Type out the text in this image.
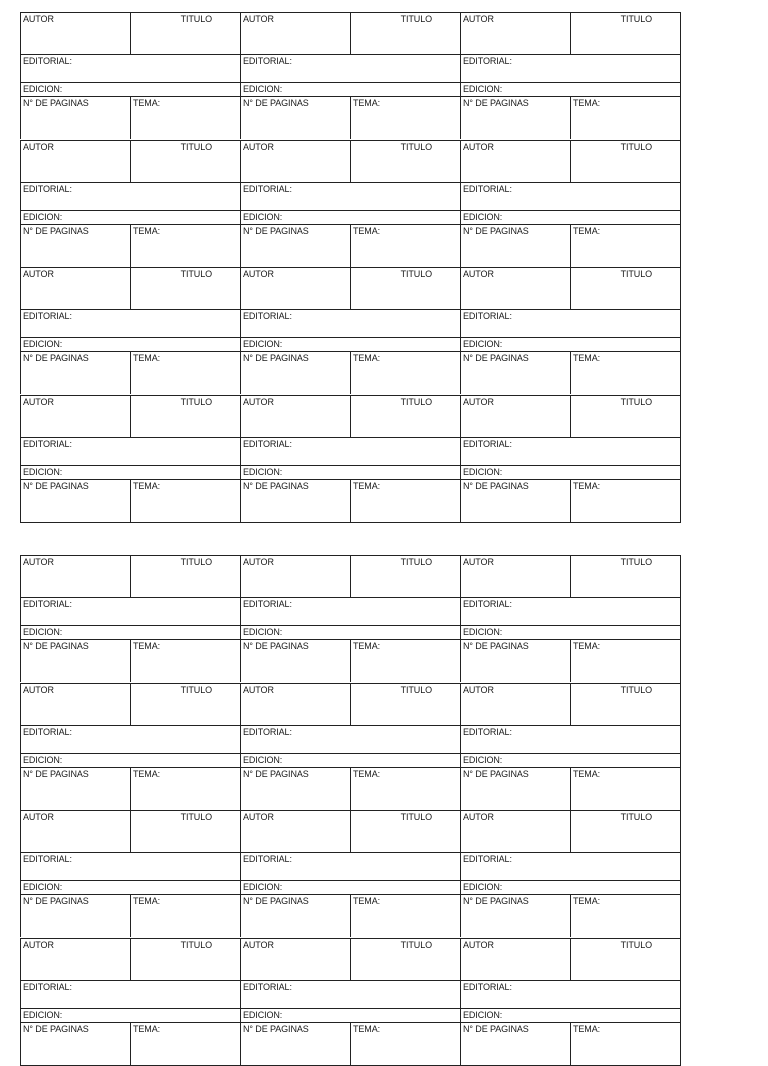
AUTOR	TITULO
EDITORIAL:
EDICION:
N° DE PAGINAS	TEMA:
AUTOR	TITULO
EDITORIAL:
EDICION:
N° DE PAGINAS	TEMA:
AUTOR	TITULO
EDITORIAL:
EDICION:
N° DE PAGINAS	TEMA:
AUTOR	TITULO
EDITORIAL:
EDICION:
N° DE PAGINAS	TEMA:
AUTOR	TITULO
EDITORIAL:
EDICION:
N° DE PAGINAS	TEMA:
AUTOR	TITULO
EDITORIAL:
EDICION:
N° DE PAGINAS	TEMA:
AUTOR	TITULO
EDITORIAL:
EDICION:
N° DE PAGINAS	TEMA:
AUTOR	TITULO
EDITORIAL:
EDICION:
N° DE PAGINAS	TEMA:
AUTOR	TITULO
EDITORIAL:
EDICION:
N° DE PAGINAS	TEMA:
AUTOR	TITULO
EDITORIAL:
EDICION:
N° DE PAGINAS	TEMA:
AUTOR	TITULO
EDITORIAL:
EDICION:
N° DE PAGINAS	TEMA:
AUTOR	TITULO
EDITORIAL:
EDICION:
N° DE PAGINAS	TEMA:
AUTOR	TITULO
EDITORIAL:
EDICION:
N° DE PAGINAS	TEMA:
AUTOR	TITULO
EDITORIAL:
EDICION:
N° DE PAGINAS	TEMA:
AUTOR	TITULO
EDITORIAL:
EDICION:
N° DE PAGINAS	TEMA:
AUTOR	TITULO
EDITORIAL:
EDICION:
N° DE PAGINAS	TEMA:
AUTOR	TITULO
EDITORIAL:
EDICION:
N° DE PAGINAS	TEMA:
AUTOR	TITULO
EDITORIAL:
EDICION:
N° DE PAGINAS	TEMA:
AUTOR	TITULO
EDITORIAL:
EDICION:
N° DE PAGINAS	TEMA:
AUTOR	TITULO
EDITORIAL:
EDICION:
N° DE PAGINAS	TEMA:
AUTOR	TITULO
EDITORIAL:
EDICION:
N° DE PAGINAS	TEMA:
AUTOR	TITULO
EDITORIAL:
EDICION:
N° DE PAGINAS	TEMA:
AUTOR	TITULO
EDITORIAL:
EDICION:
N° DE PAGINAS	TEMA:
AUTOR	TITULO
EDITORIAL:
EDICION:
N° DE PAGINAS	TEMA:
